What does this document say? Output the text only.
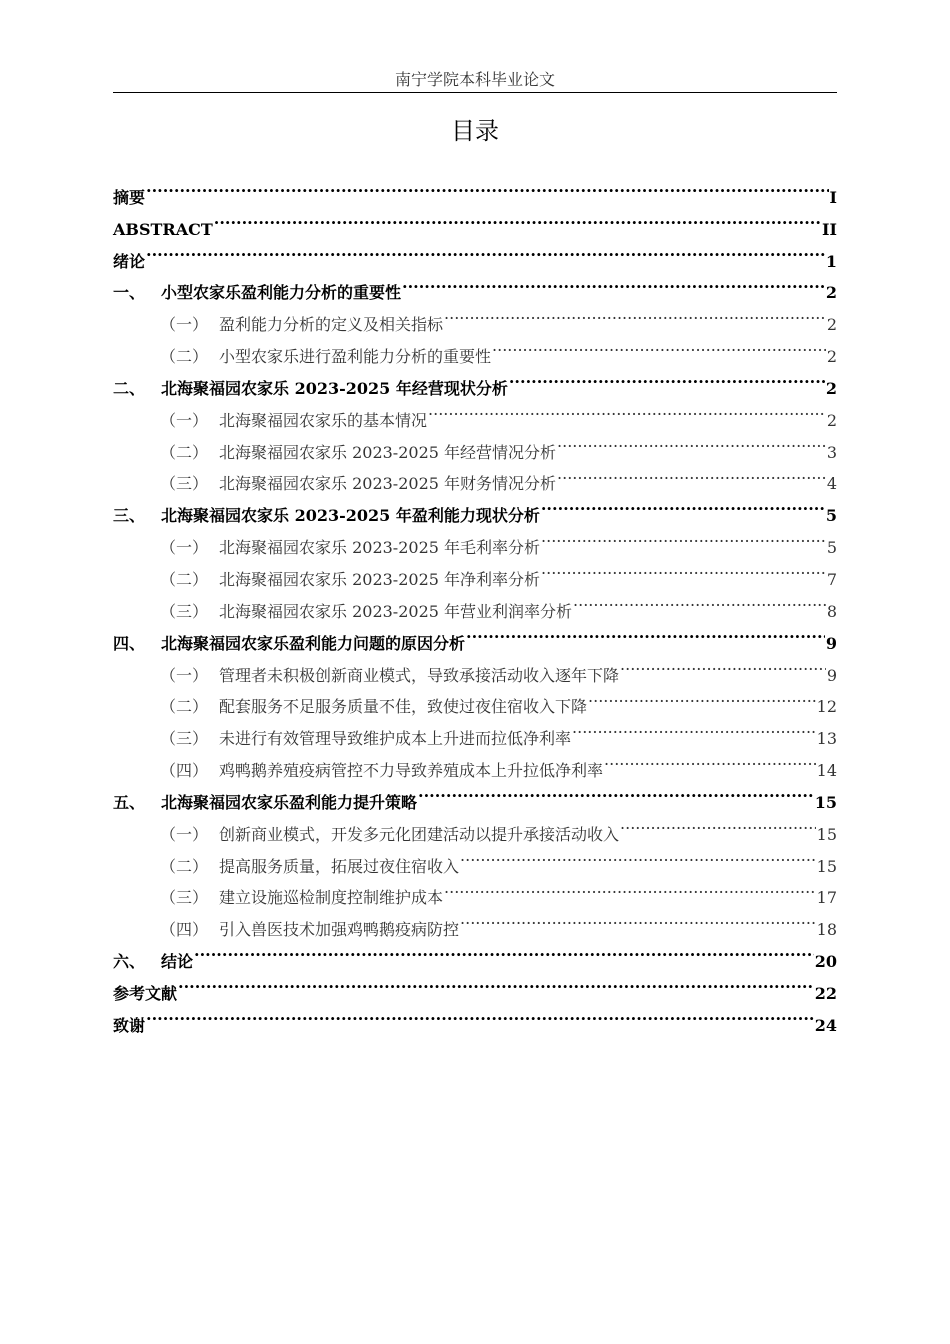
南宁学院本科毕业论文
目录
摘要 .....	I
ABSTRACT .....	II
绪论 .....	1
一、 小型农家乐盈利能力分析的重要性 .....	2
（一） 盈利能力分析的定义及相关指标 .....	2
（二） 小型农家乐进行盈利能力分析的重要性 .....	2
二、 北海聚福园农家乐 2023-2025 年经营现状分析 .....	2
（一） 北海聚福园农家乐的基本情况 .....	2
（二） 北海聚福园农家乐 2023-2025 年经营情况分析 .....	3
（三） 北海聚福园农家乐 2023-2025 年财务情况分析 .....	4
三、 北海聚福园农家乐 2023-2025 年盈利能力现状分析 .....	5
（一） 北海聚福园农家乐 2023-2025 年毛利率分析 .....	5
（二） 北海聚福园农家乐 2023-2025 年净利率分析 .....	7
（三） 北海聚福园农家乐 2023-2025 年营业利润率分析 .....	8
四、 北海聚福园农家乐盈利能力问题的原因分析 .....	9
（一） 管理者未积极创新商业模式，导致承接活动收入逐年下降 .....	9
（二） 配套服务不足服务质量不佳，致使过夜住宿收入下降 .....	12
（三） 未进行有效管理导致维护成本上升进而拉低净利率 .....	13
（四） 鸡鸭鹅养殖疫病管控不力导致养殖成本上升拉低净利率 .....	14
五、 北海聚福园农家乐盈利能力提升策略 .....	15
（一） 创新商业模式，开发多元化团建活动以提升承接活动收入 .....	15
（二） 提高服务质量，拓展过夜住宿收入 .....	15
（三） 建立设施巡检制度控制维护成本 .....	17
（四） 引入兽医技术加强鸡鸭鹅疫病防控 .....	18
六、 结论 .....	20
参考文献 .....	22
致谢 .....	24
